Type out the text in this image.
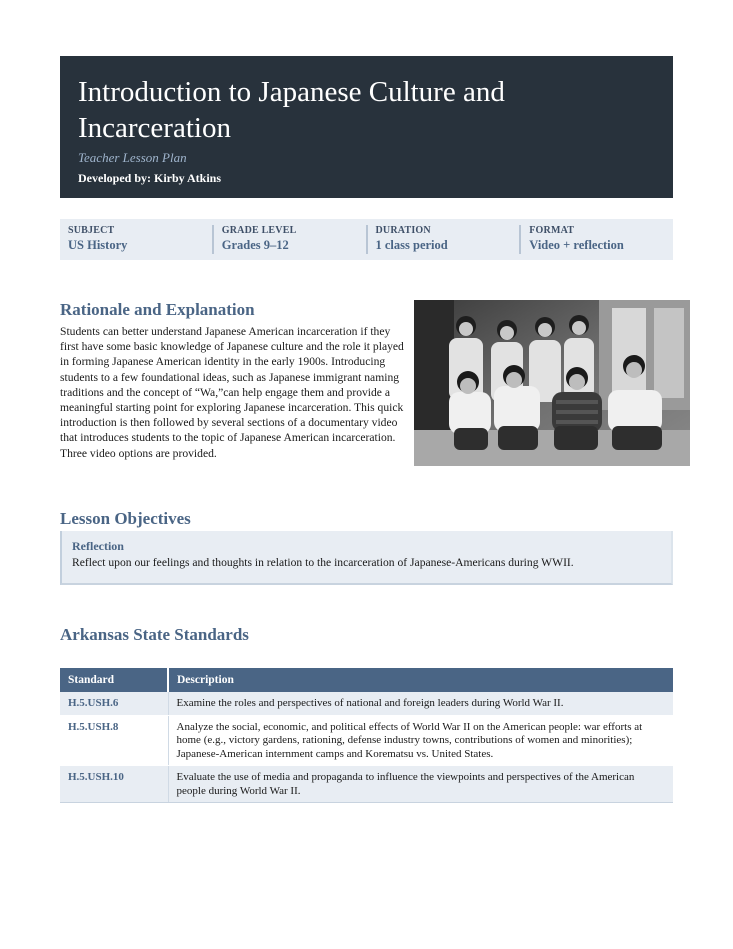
Introduction to Japanese Culture and Incarceration
Teacher Lesson Plan
Developed by: Kirby Atkins
SUBJECT
US History
GRADE LEVEL
Grades 9–12
DURATION
1 class period
FORMAT
Video + reflection
Rationale and Explanation

Students can better understand Japanese American incarceration if they first have some basic knowledge of Japanese culture and the role it played in forming Japanese American identity in the early 1900s. Introducing students to a few foundational ideas, such as Japanese immigrant naming traditions and the concept of “Wa,”can help engage them and provide a meaningful starting point for exploring Japanese incarceration. This quick introduction is then followed by several sections of a documentary video that introduces students to the topic of Japanese American incarceration. Three video options are provided.

Lesson Objectives
Reflection
Reflect upon our feelings and thoughts in relation to the incarceration of Japanese-Americans during WWII.
Arkansas State Standards
Standard	Description
H.5.USH.6	Examine the roles and perspectives of national and foreign leaders during World War II.
H.5.USH.8	Analyze the social, economic, and political effects of World War II on the American people: war efforts at home (e.g., victory gardens, rationing, defense industry towns, contributions of women and minorities); Japanese-American internment camps and Korematsu vs. United States.
H.5.USH.10	Evaluate the use of media and propaganda to influence the viewpoints and perspectives of the American people during World War II.
